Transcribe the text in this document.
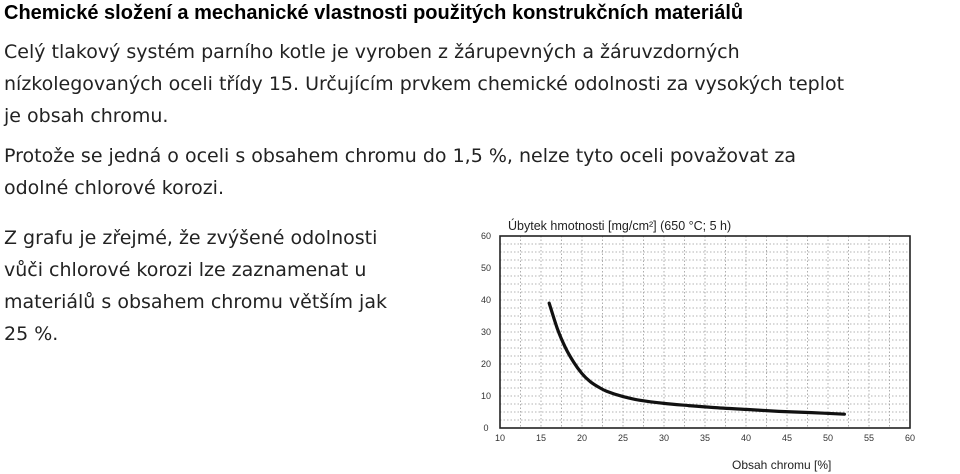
Chemické složení a mechanické vlastnosti použitých konstrukčních materiálů
Celý tlakový systém parního kotle je vyroben z žárupevných a žáruvzdorných
nízkolegovaných oceli třídy 15. Určujícím prvkem chemické odolnosti za vysokých teplot
je obsah chromu.
Protože se jedná o oceli s obsahem chromu do 1,5 %, nelze tyto oceli považovat za
odolné chlorové korozi.
Z grafu je zřejmé, že zvýšené odolnosti
vůči chlorové korozi lze zaznamenat u
materiálů s obsahem chromu větším jak
25 %.
Úbytek hmotnosti [mg/cm²] (650 °C; 5 h)
10	15	20	25	30	35	40	45	50	55	60
0
10
20
30
40
50
60
Obsah chromu [%]
